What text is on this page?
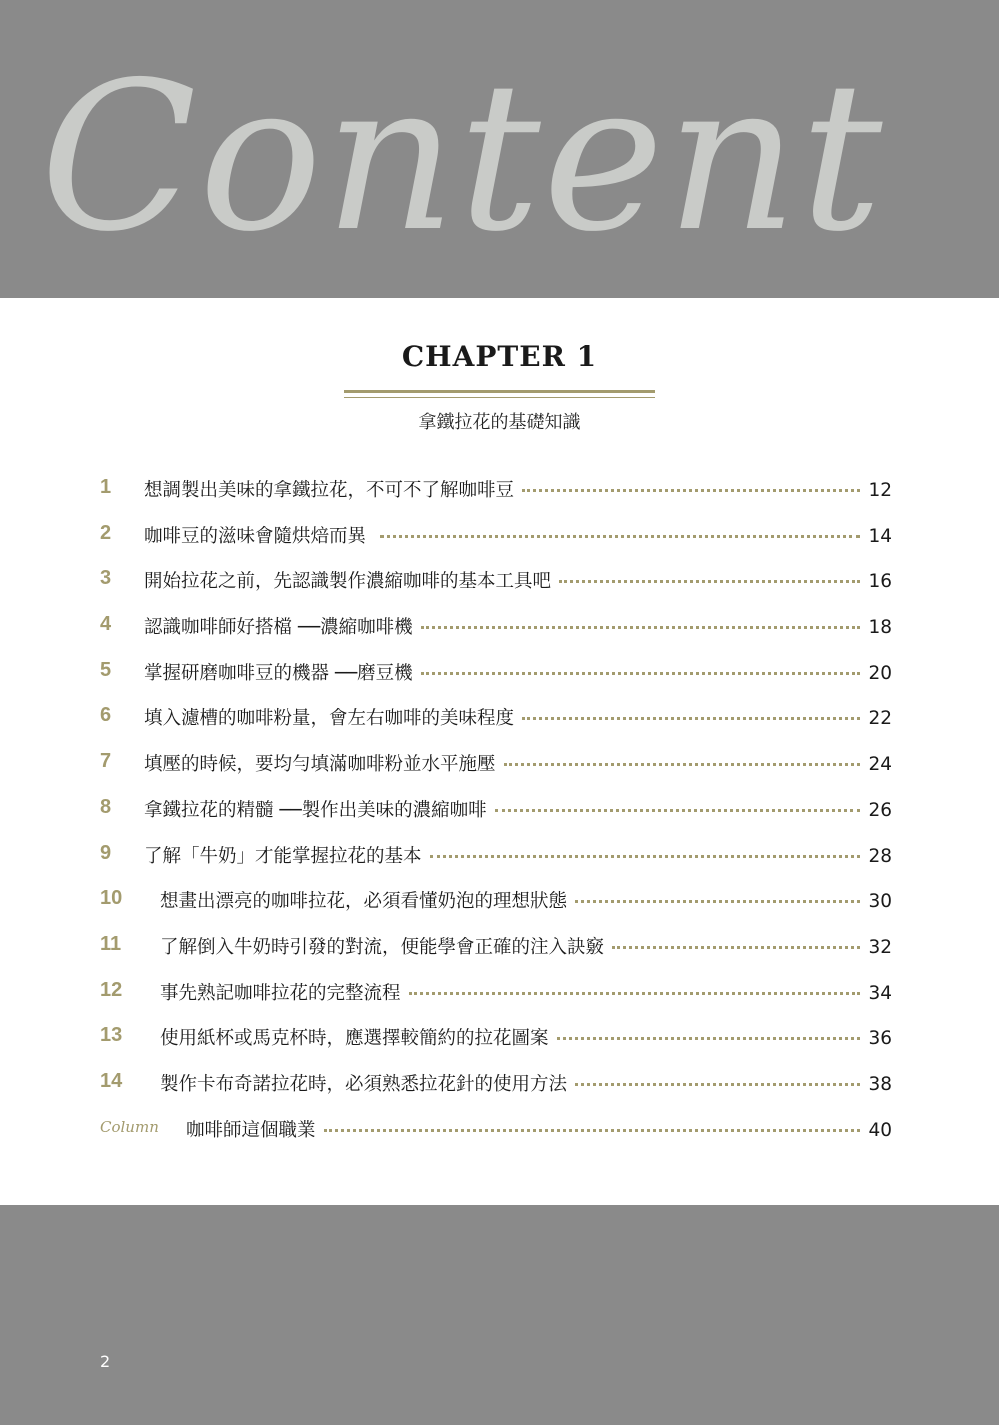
Content
CHAPTER 1
拿鐵拉花的基礎知識
1	想調製出美味的拿鐵拉花，不可不了解咖啡豆	12
2	咖啡豆的滋味會隨烘焙而異	14
3	開始拉花之前，先認識製作濃縮咖啡的基本工具吧	16
4	認識咖啡師好搭檔 ──濃縮咖啡機	18
5	掌握研磨咖啡豆的機器 ──磨豆機	20
6	填入濾槽的咖啡粉量，會左右咖啡的美味程度	22
7	填壓的時候，要均勻填滿咖啡粉並水平施壓	24
8	拿鐵拉花的精髓 ──製作出美味的濃縮咖啡	26
9	了解「牛奶」才能掌握拉花的基本	28
10	想畫出漂亮的咖啡拉花，必須看懂奶泡的理想狀態	30
11	了解倒入牛奶時引發的對流，便能學會正確的注入訣竅	32
12	事先熟記咖啡拉花的完整流程	34
13	使用紙杯或馬克杯時，應選擇較簡約的拉花圖案	36
14	製作卡布奇諾拉花時，必須熟悉拉花針的使用方法	38
Column 咖啡師這個職業	40
2
